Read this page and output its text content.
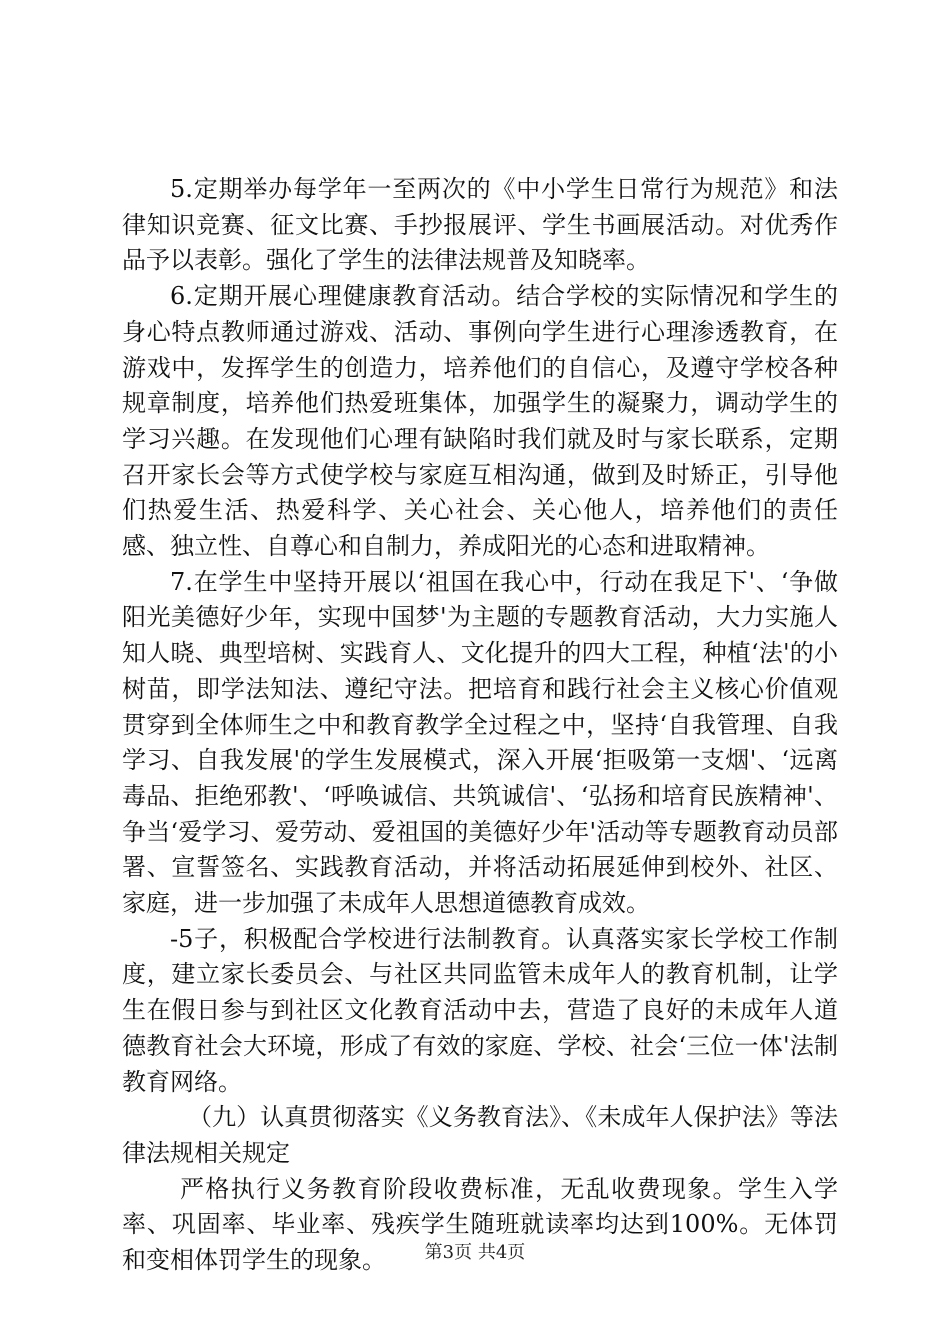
5.定期举办每学年一至两次的《中小学生日常行为规范》和法律知识竞赛、征文比赛、手抄报展评、学生书画展活动。对优秀作品予以表彰。强化了学生的法律法规普及知晓率。

6.定期开展心理健康教育活动。结合学校的实际情况和学生的身心特点教师通过游戏、活动、事例向学生进行心理渗透教育，在游戏中，发挥学生的创造力，培养他们的自信心，及遵守学校各种规章制度，培养他们热爱班集体，加强学生的凝聚力，调动学生的学习兴趣。在发现他们心理有缺陷时我们就及时与家长联系，定期召开家长会等方式使学校与家庭互相沟通，做到及时矫正，引导他们热爱生活、热爱科学、关心社会、关心他人，培养他们的责任感、独立性、自尊心和自制力，养成阳光的心态和进取精神。

7.在学生中坚持开展以‘祖国在我心中，行动在我足下'、‘争做阳光美德好少年，实现中国梦'为主题的专题教育活动，大力实施人知人晓、典型培树、实践育人、文化提升的四大工程，种植‘法'的小树苗，即学法知法、遵纪守法。把培育和践行社会主义核心价值观贯穿到全体师生之中和教育教学全过程之中，坚持‘自我管理、自我学习、自我发展'的学生发展模式，深入开展‘拒吸第一支烟'、‘远离毒品、拒绝邪教'、‘呼唤诚信、共筑诚信'、‘弘扬和培育民族精神'、争当‘爱学习、爱劳动、爱祖国的美德好少年'活动等专题教育动员部署、宣誓签名、实践教育活动，并将活动拓展延伸到校外、社区、家庭，进一步加强了未成年人思想道德教育成效。

-5子，积极配合学校进行法制教育。认真落实家长学校工作制度，建立家长委员会、与社区共同监管未成年人的教育机制，让学生在假日参与到社区文化教育活动中去，营造了良好的未成年人道德教育社会大环境，形成了有效的家庭、学校、社会‘三位一体'法制教育网络。

（九）认真贯彻落实《义务教育法》、《未成年人保护法》等法律法规相关规定

严格执行义务教育阶段收费标准，无乱收费现象。学生入学率、巩固率、毕业率、残疾学生随班就读率均达到100%。无体罚和变相体罚学生的现象。	第3页 共4页
